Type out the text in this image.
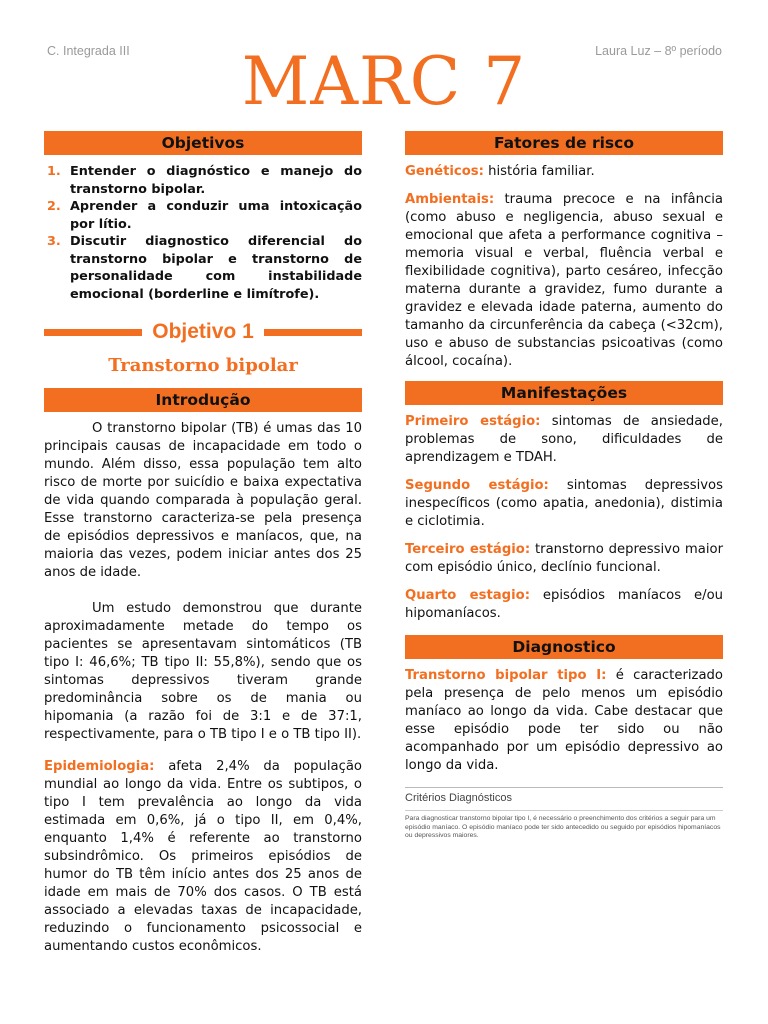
C. Integrada III	Laura Luz – 8º período
MARC 7
Objetivos
1. Entender o diagnóstico e manejo do transtorno bipolar.
2. Aprender a conduzir uma intoxicação por lítio.
3. Discutir diagnostico diferencial do transtorno bipolar e transtorno de personalidade com instabilidade emocional (borderline e limítrofe).
Objetivo 1
Transtorno bipolar
Introdução

O transtorno bipolar (TB) é umas das 10 principais causas de incapacidade em todo o mundo. Além disso, essa população tem alto risco de morte por suicídio e baixa expectativa de vida quando comparada à população geral. Esse transtorno caracteriza-se pela presença de episódios depressivos e maníacos, que, na maioria das vezes, podem iniciar antes dos 25 anos de idade.

Um estudo demonstrou que durante aproximadamente metade do tempo os pacientes se apresentavam sintomáticos (TB tipo I: 46,6%; TB tipo II: 55,8%), sendo que os sintomas depressivos tiveram grande predominância sobre os de mania ou hipomania (a razão foi de 3:1 e de 37:1, respectivamente, para o TB tipo I e o TB tipo II).

Epidemiologia: afeta 2,4% da população mundial ao longo da vida. Entre os subtipos, o tipo I tem prevalência ao longo da vida estimada em 0,6%, já o tipo II, em 0,4%, enquanto 1,4% é referente ao transtorno subsindrômico. Os primeiros episódios de humor do TB têm início antes dos 25 anos de idade em mais de 70% dos casos. O TB está associado a elevadas taxas de incapacidade, reduzindo o funcionamento psicossocial e aumentando custos econômicos.

Fatores de risco

Genéticos: história familiar.

Ambientais: trauma precoce e na infância (como abuso e negligencia, abuso sexual e emocional que afeta a performance cognitiva – memoria visual e verbal, fluência verbal e flexibilidade cognitiva), parto cesáreo, infecção materna durante a gravidez, fumo durante a gravidez e elevada idade paterna, aumento do tamanho da circunferência da cabeça (<32cm), uso e abuso de substancias psicoativas (como álcool, cocaína).

Manifestações

Primeiro estágio: sintomas de ansiedade, problemas de sono, dificuldades de aprendizagem e TDAH.

Segundo estágio: sintomas depressivos inespecíficos (como apatia, anedonia), distimia e ciclotimia.

Terceiro estágio: transtorno depressivo maior com episódio único, declínio funcional.

Quarto estagio: episódios maníacos e/ou hipomaníacos.

Diagnostico

Transtorno bipolar tipo I: é caracterizado pela presença de pelo menos um episódio maníaco ao longo da vida. Cabe destacar que esse episódio pode ter sido ou não acompanhado por um episódio depressivo ao longo da vida.

Critérios Diagnósticos
Para diagnosticar transtorno bipolar tipo I, é necessário o preenchimento dos critérios a seguir para um episódio maníaco. O episódio maníaco pode ter sido antecedido ou seguido por episódios hipomaníacos ou depressivos maiores.
